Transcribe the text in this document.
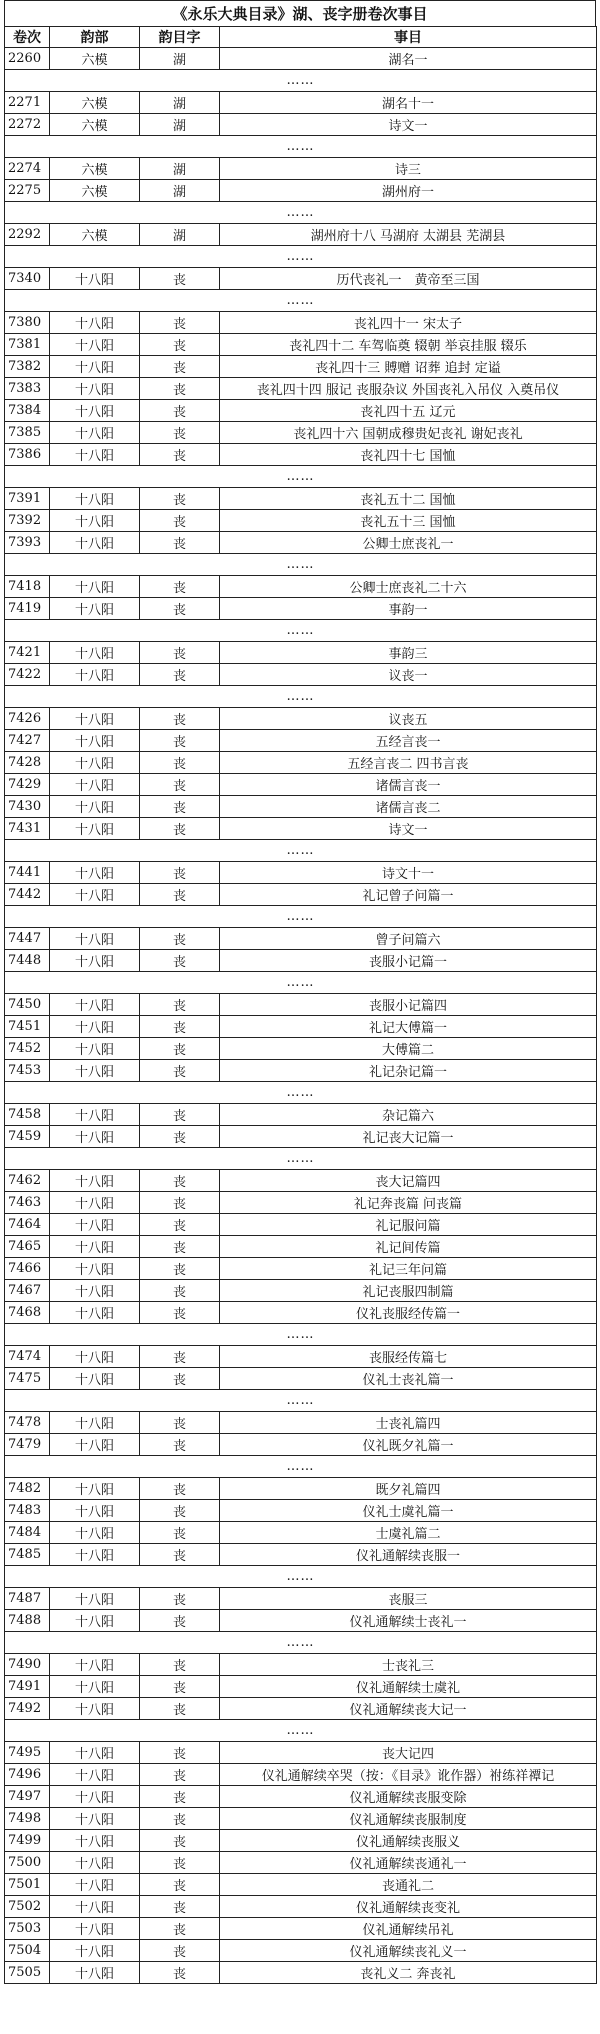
《永乐大典目录》湖、丧字册卷次事目
卷次	韵部	韵目字	事目
2260	六模	湖	湖名一
……			
2271	六模	湖	湖名十一
2272	六模	湖	诗文一
……			
2274	六模	湖	诗三
2275	六模	湖	湖州府一
……			
2292	六模	湖	湖州府十八 马湖府 太湖县 芜湖县
……			
7340	十八阳	丧	历代丧礼一　黄帝至三国
……			
7380	十八阳	丧	丧礼四十一 宋太子
7381	十八阳	丧	丧礼四十二 车驾临奠 辍朝 举哀挂服 辍乐
7382	十八阳	丧	丧礼四十三 賻赠 诏葬 追封 定谥
7383	十八阳	丧	丧礼四十四 服记 丧服杂议 外国丧礼入吊仪 入奠吊仪
7384	十八阳	丧	丧礼四十五 辽元
7385	十八阳	丧	丧礼四十六 国朝成穆贵妃丧礼 谢妃丧礼
7386	十八阳	丧	丧礼四十七 国恤
……			
7391	十八阳	丧	丧礼五十二 国恤
7392	十八阳	丧	丧礼五十三 国恤
7393	十八阳	丧	公卿士庶丧礼一
……			
7418	十八阳	丧	公卿士庶丧礼二十六
7419	十八阳	丧	事韵一
……			
7421	十八阳	丧	事韵三
7422	十八阳	丧	议丧一
……			
7426	十八阳	丧	议丧五
7427	十八阳	丧	五经言丧一
7428	十八阳	丧	五经言丧二 四书言丧
7429	十八阳	丧	诸儒言丧一
7430	十八阳	丧	诸儒言丧二
7431	十八阳	丧	诗文一
……			
7441	十八阳	丧	诗文十一
7442	十八阳	丧	礼记曾子问篇一
……			
7447	十八阳	丧	曾子问篇六
7448	十八阳	丧	丧服小记篇一
……			
7450	十八阳	丧	丧服小记篇四
7451	十八阳	丧	礼记大傅篇一
7452	十八阳	丧	大傅篇二
7453	十八阳	丧	礼记杂记篇一
……			
7458	十八阳	丧	杂记篇六
7459	十八阳	丧	礼记丧大记篇一
……			
7462	十八阳	丧	丧大记篇四
7463	十八阳	丧	礼记奔丧篇 问丧篇
7464	十八阳	丧	礼记服问篇
7465	十八阳	丧	礼记间传篇
7466	十八阳	丧	礼记三年问篇
7467	十八阳	丧	礼记丧服四制篇
7468	十八阳	丧	仪礼丧服经传篇一
……			
7474	十八阳	丧	丧服经传篇七
7475	十八阳	丧	仪礼士丧礼篇一
……			
7478	十八阳	丧	士丧礼篇四
7479	十八阳	丧	仪礼既夕礼篇一
……			
7482	十八阳	丧	既夕礼篇四
7483	十八阳	丧	仪礼士虞礼篇一
7484	十八阳	丧	士虞礼篇二
7485	十八阳	丧	仪礼通解续丧服一
……			
7487	十八阳	丧	丧服三
7488	十八阳	丧	仪礼通解续士丧礼一
……			
7490	十八阳	丧	士丧礼三
7491	十八阳	丧	仪礼通解续士虞礼
7492	十八阳	丧	仪礼通解续丧大记一
……			
7495	十八阳	丧	丧大记四
7496	十八阳	丧	仪礼通解续卒哭（按：《目录》讹作器）祔练祥禫记
7497	十八阳	丧	仪礼通解续丧服变除
7498	十八阳	丧	仪礼通解续丧服制度
7499	十八阳	丧	仪礼通解续丧服义
7500	十八阳	丧	仪礼通解续丧通礼一
7501	十八阳	丧	丧通礼二
7502	十八阳	丧	仪礼通解续丧变礼
7503	十八阳	丧	仪礼通解续吊礼
7504	十八阳	丧	仪礼通解续丧礼义一
7505	十八阳	丧	丧礼义二 奔丧礼
